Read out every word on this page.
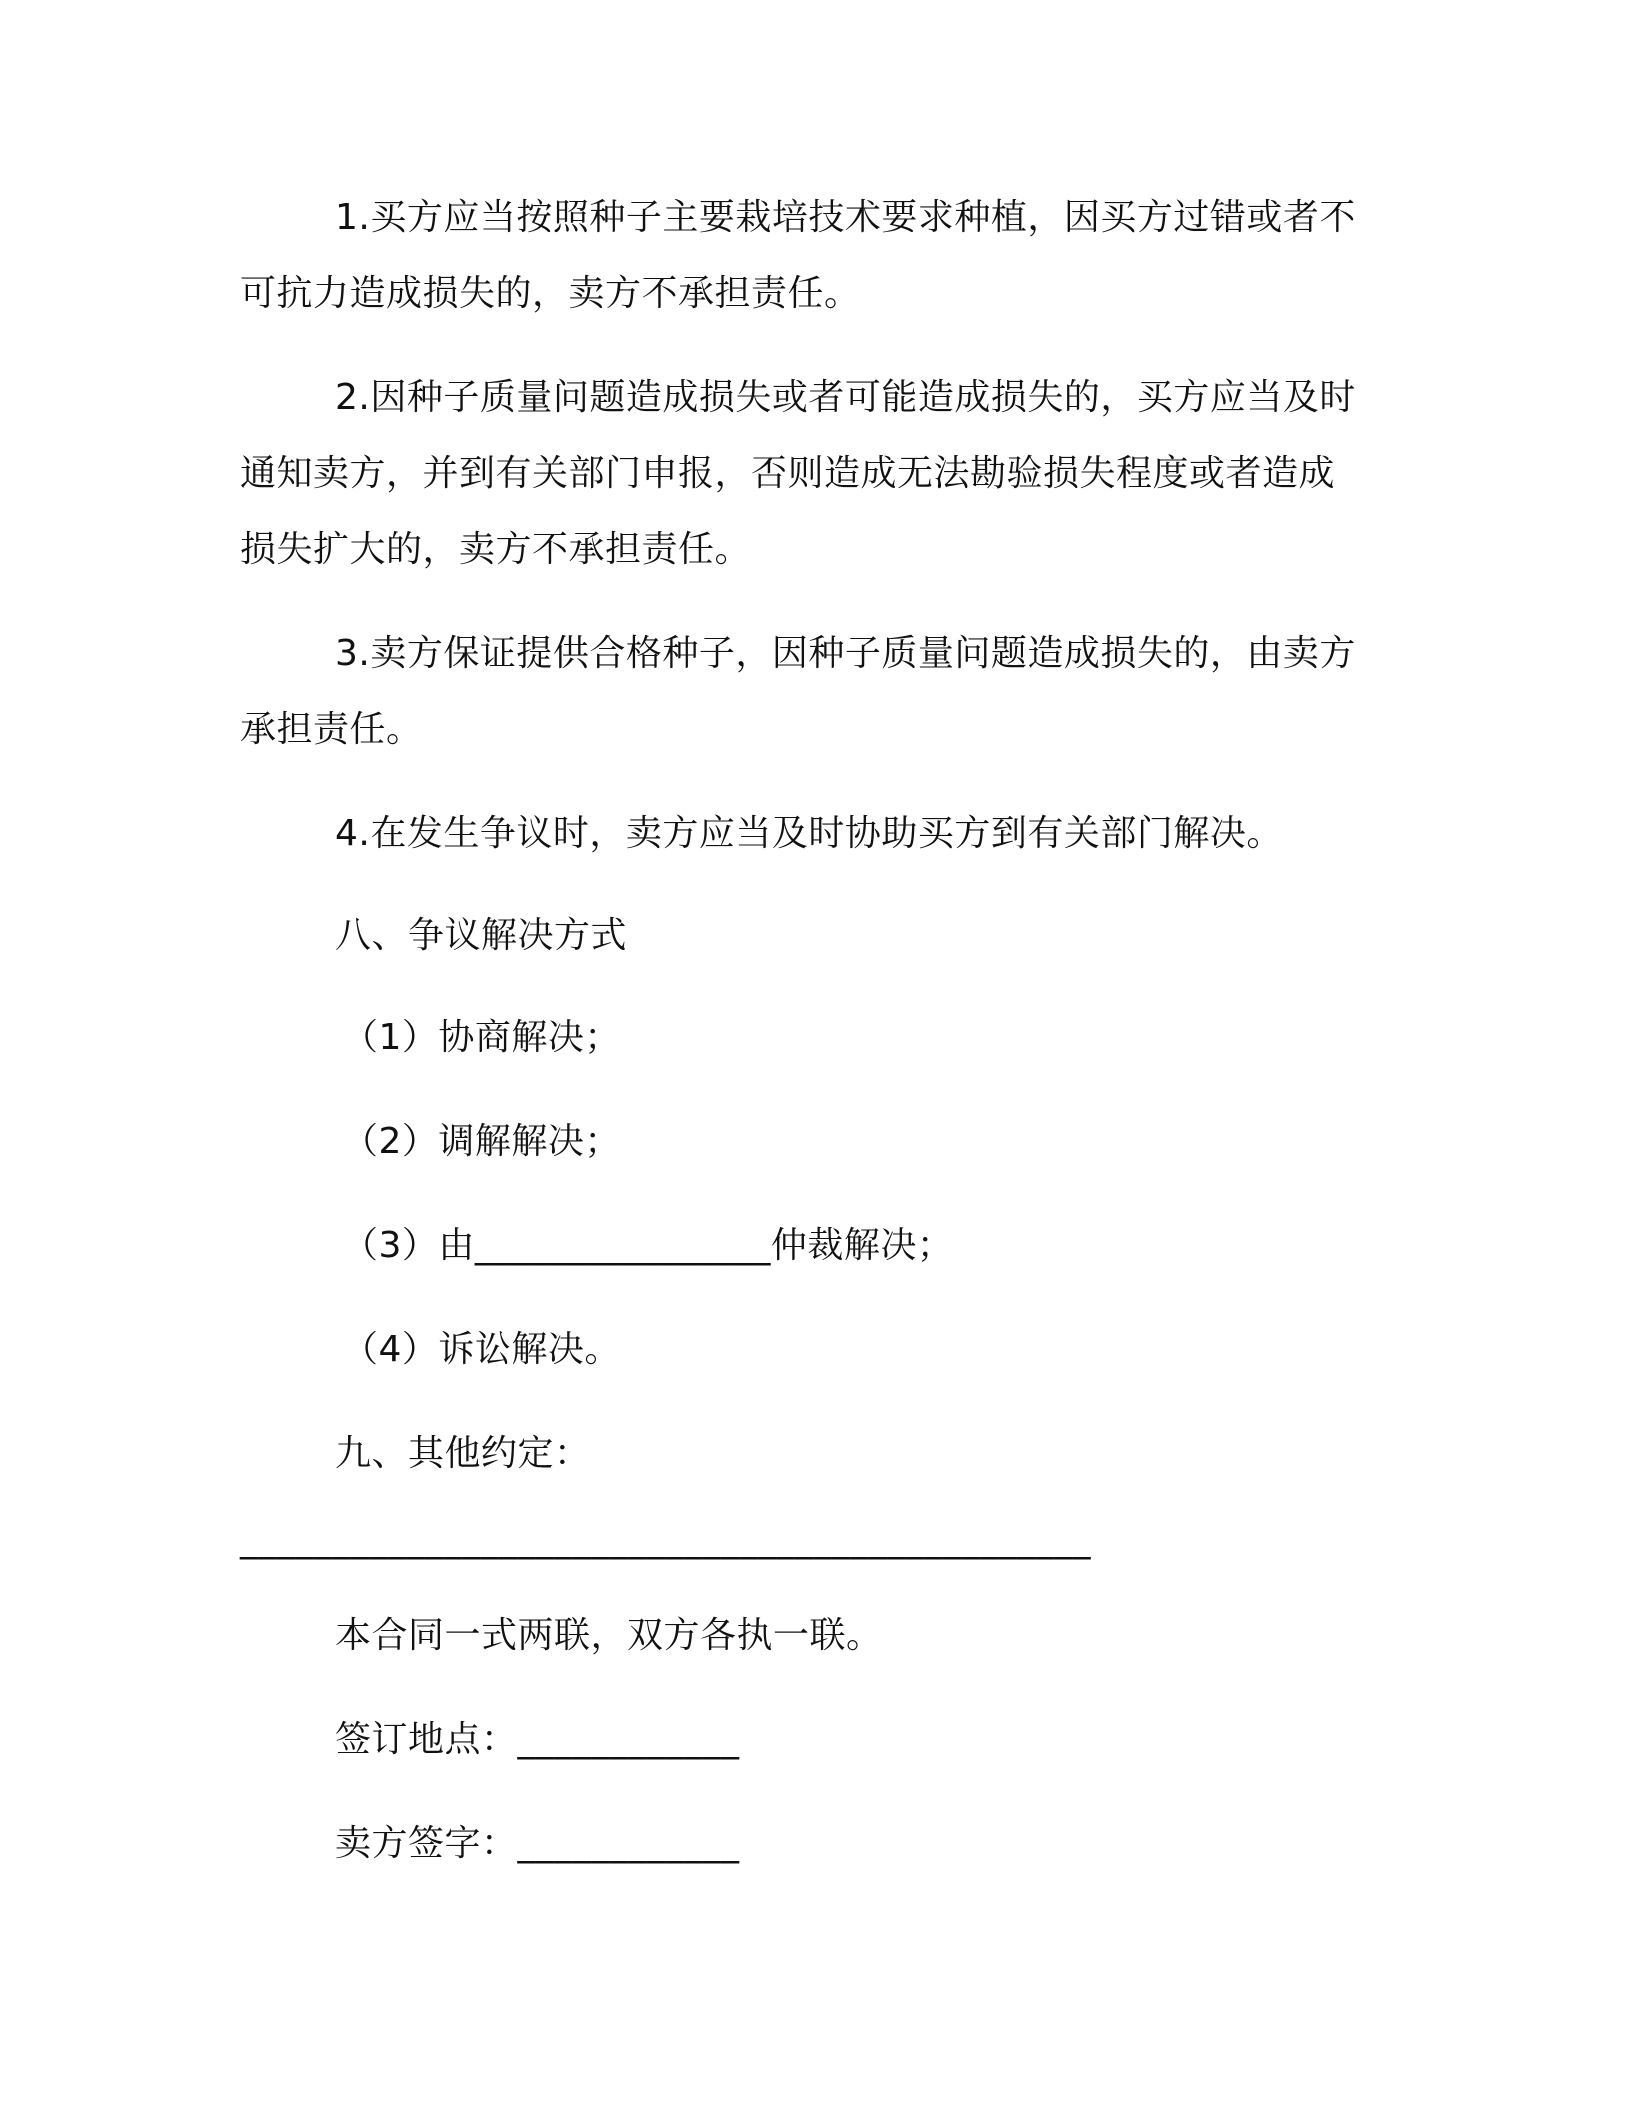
1.买方应当按照种子主要栽培技术要求种植，因买方过错或者不
可抗力造成损失的，卖方不承担责任。
2.因种子质量问题造成损失或者可能造成损失的，买方应当及时
通知卖方，并到有关部门申报，否则造成无法勘验损失程度或者造成
损失扩大的，卖方不承担责任。
3.卖方保证提供合格种子，因种子质量问题造成损失的，由卖方
承担责任。
4.在发生争议时，卖方应当及时协助买方到有关部门解决。
八、争议解决方式
（1）协商解决；
（2）调解解决；
（3）由________________仲裁解决；
（4）诉讼解决。
九、其他约定：
______________________________________________
本合同一式两联，双方各执一联。
签订地点：____________
卖方签字：____________
